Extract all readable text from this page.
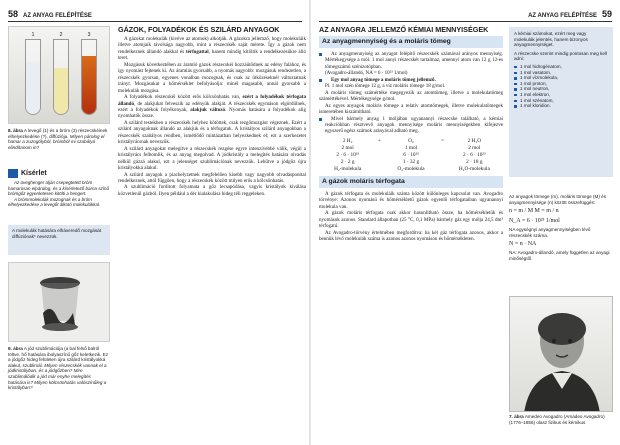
58 AZ ANYAG FELÉPÍTÉSE
1	2	3
8. ábra A levegő (1) és a bróm (3) részecskéinek elhelyezkedése (?), diffúziója. Milyen párolog el hamar a zuzogólyból, brómból mi szabályá elindítanom in?
Kísérlet

Az üveghenger alján csepegtetett bróm hamarosan elpárolog, és a kísérletező barna színű brómgőz egyenletesen kitölti a hengert.

A brómmolekulák mozognak és a bróm elhelyezkedése a levegőt álkotó molekulákkal.

A molekulák hatására elháveredő mozgását diffúziónak* nevezzük.
9. ábra A jód szublimációja (a bal felső balról töltve, hő hatására ibolyaszínű gőz keletkezik. Ez a jódgőz hideg felületen újra szilárd kristályokká alakul, szublimál. Milyen részecskék vannak el a jódkristályban, és a jódgőzben? Mire szublimálódik a jód már enyhe melegítés hatására is? Milyen kölcsönhatás valószínűleg a kristályban?
GÁZOK, FOLYADÉKOK ÉS SZILÁRD ANYAGOK

A gázokat molekulák (kivéve az atomok) alkotják. A gázokra jellemző, hogy molekuláik illetve atomjaik távolsága nagyobb, mint a részecskék saját mérete. Így a gázok nem rendelkeznek állandó alakkal és térfogattal, hanem mindig kitöltik a rendelkezésükre álló teret.

Mozgásuk következtében az áramló gázok részecskéi hozzáütődnek az edény falához, és így nyomást fejtenek ki. Az áramlás gyorsabb, a nyomás nagyobb: mozgásuk rendezetlen, a részecskék gyorsan, egyenes vonalban mozognak, és csak az ütközéseknél változtatnak irányt. Mozgásukat a hőmérséklet befolyásolja: minél magasabb, annál gyorsabb a molekulák mozgása.

A folyadékok részecskéi között erős kölcsönhatás van, ezért a folyadékok térfogata állandó, de alakjukat felveszik az edényük alakját. A részecskék egymáson elgördülnek, ezért a folyadékok folyékonyak, alakjuk változó. Nyomás hatására a folyadékok alig nyomhatók össze.

A szilárd testekben a részecskék helyhez kötöttek, csak rezgőmozgást végeznek. Ezért a szilárd anyagoknak állandó az alakjuk és a térfogatuk. A kristályos szilárd anyagokban a részecskék szabályos rendben, ismétlődő mintázatban helyezkednek el; ezt a szerkezetet kristályrácsnak nevezzük.

A szilárd anyagokat melegítve a részecskék rezgése egyre intenzívebbé válik, végül a kristályrács felbomlik, és az anyag megolvad. A jódkristály a melegítés hatására olvadás nélkül gázzá alakul, ezt a jelenséget szublimációnak nevezzük. Lehűtve a jódgőz újra kristályokká alakul.

A szilárd anyagok a piachelyzetnek megfelelően kisebb vagy nagyobb olvadásponttal rendelkeznek, attól függően, hogy a részecskék között milyen erős a kölcsönhatás.

A szublimáció forditott folyamata a gőz lecsapódása, vagyis kristályok kiválása közvetlenül gázból. Ilyen például a dér kialakulása hideg téli reggeleken.

AZ ANYAG FELÉPÍTÉSE 59
AZ ANYAGRA JELLEMZŐ KÉMIAI MENNYISÉGEK
Az anyagmennyiség és a moláris tömeg

Az anyagmennyiség az anyagot felépítő részecskék számával arányos mennyiség. Mértékegysége a mól. 1 mol annyi részecskét tartalmaz, amennyi atom van 12 g 12-es tömegszámú szénizotópban.

(Avogadro-állandó, NA = 6 · 10²³ 1/mol)

Egy mol anyag tömege a moláris tömeg jellemző.

Pl. 1 mol szén tömege 12 g, a víz moláris tömege 18 g/mol.

A moláris tömeg számértéke megegyezik az atomtömeg, illetve a molekulatömeg számértékével. Mértékegysége g/mol.

Az egyes anyagok moláris tömege a relatív atomtömegek, illetve molekulatömegek ismeretében kiszámítható.

Mivel bármely anyag 1 móljában ugyanannyi részecske található, a kémiai reakciókban résztvevő anyagok mennyisége moláris mennyiségekben kifejezve egyszerű egész számok arányával adható meg.

2 H₂	+	O₂	=	2 H₂O
2 mol	1 mol	2 mol
2 · 6 · 10²³	6 · 10²³	2 · 6 · 10²³
2 · 2 g	1 · 32 g	2 · 18 g
H₂-molekula	O₂-molekula	H₂O-molekula
A gázok moláris térfogata

A gázok térfogata és molekuláik száma között különleges kapcsolat van. Avogadro törvénye: Azonos nyomású és hőmérsékletű gázok egyenlő térfogataiban ugyanannyi molekula van.

A gázok moláris térfogata csak akkor hasonlítható össze, ha hőmérsékletük és nyomásuk azonos. Standard állapotban (25 °C, 0,1 MPa) bármely gáz egy mólja 24,5 dm³ térfogatú.

Az Avogadro-törvény értelmében megfordítva: ha két gáz térfogata azonos, akkor a bennük lévő molekulák száma is azonos azonos nyomáson és hőmérsékleten.

A kémiai számokat, ezért meg vagy molekulák jelentés, hanem bizonyos anyagmennyiséget.

A részecske szerint mindig pontosan meg kell adni:

1 mol hidrogénatom,
1 mol vasatom,
1 mol vízmolekula,
1 mol proton,
1 mol neutron,
1 mol elektron,
1 mol szénatom,
1 mol kloridion.

Az anyagok tömege (m), moláris tömege (M) és anyagmennyisége (n) között összefüggés:

n = m / M M = m / n
N_A = 6 · 10²³ 1/mol

NA egységnyi anyagmennyiségben lévő részecskék száma.

N = n · NA

NA: Avogadro-állandó, amely független az anyagi minőségtől.

7. ábra Amedeo Avogadro (Amadeo Avogadro) (1776–1856) olasz fizikus és kémikus
